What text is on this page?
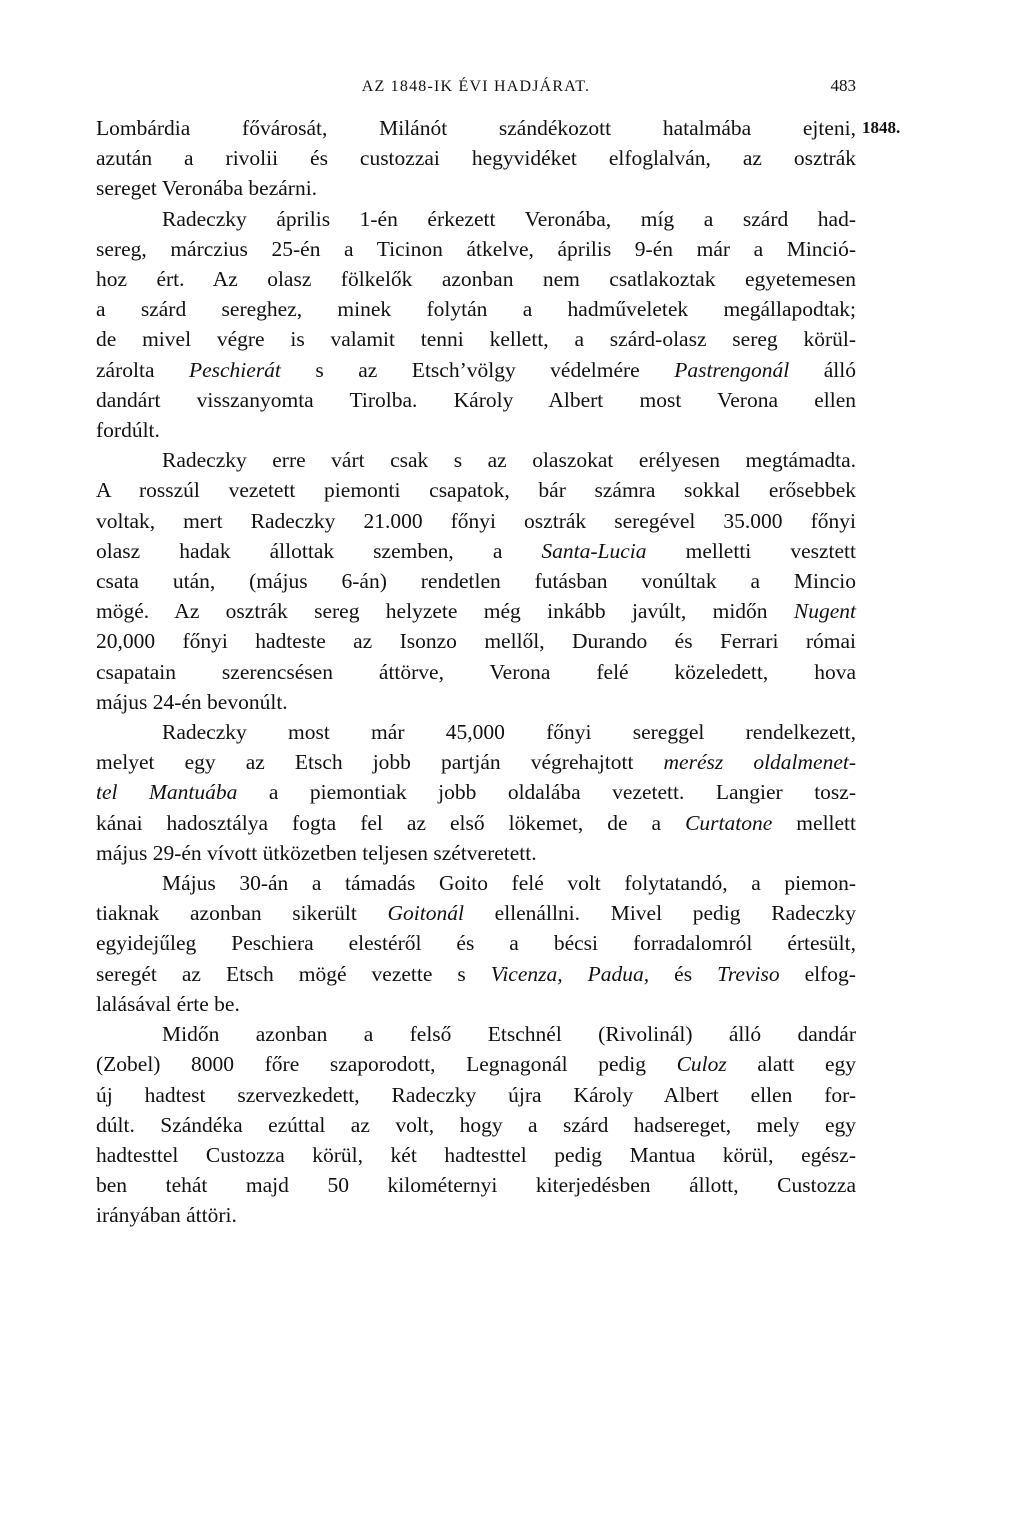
AZ 1848-IK ÉVI HADJÁRAT.	483
1848.
Lombárdia fővárosát, Milánót szándékozott hatalmába ejteni,
azután a rivolii és custozzai hegyvidéket elfoglalván, az osztrák
sereget Veronába bezárni.
Radeczky április 1-én érkezett Veronába, míg a szárd had-
sereg, márczius 25-én a Ticinon átkelve, április 9-én már a Minció-
hoz ért. Az olasz fölkelők azonban nem csatlakoztak egyetemesen
a szárd sereghez, minek folytán a hadműveletek megállapodtak;
de mivel végre is valamit tenni kellett, a szárd-olasz sereg körül-
zárolta Peschierát s az Etsch’völgy védelmére Pastrengonál álló
dandárt visszanyomta Tirolba. Károly Albert most Verona ellen
fordúlt.
Radeczky erre várt csak s az olaszokat erélyesen megtámadta.
A rosszúl vezetett piemonti csapatok, bár számra sokkal erősebbek
voltak, mert Radeczky 21.000 főnyi osztrák seregével 35.000 főnyi
olasz hadak állottak szemben, a Santa-Lucia melletti vesztett
csata után, (május 6-án) rendetlen futásban vonúltak a Mincio
mögé. Az osztrák sereg helyzete még inkább javúlt, midőn Nugent
20,000 főnyi hadteste az Isonzo mellől, Durando és Ferrari római
csapatain szerencsésen áttörve, Verona felé közeledett, hova
május 24-én bevonúlt.
Radeczky most már 45,000 főnyi sereggel rendelkezett,
melyet egy az Etsch jobb partján végrehajtott merész oldalmenet-
tel Mantuába a piemontiak jobb oldalába vezetett. Langier tosz-
kánai hadosztálya fogta fel az első lökemet, de a Curtatone mellett
május 29-én vívott ütközetben teljesen szétveretett.
Május 30-án a támadás Goito felé volt folytatandó, a piemon-
tiaknak azonban sikerült Goitonál ellenállni. Mivel pedig Radeczky
egyidejűleg Peschiera elestéről és a bécsi forradalomról értesült,
seregét az Etsch mögé vezette s Vicenza, Padua, és Treviso elfog-
lalásával érte be.
Midőn azonban a felső Etschnél (Rivolinál) álló dandár
(Zobel) 8000 főre szaporodott, Legnagonál pedig Culoz alatt egy
új hadtest szervezkedett, Radeczky újra Károly Albert ellen for-
dúlt. Szándéka ezúttal az volt, hogy a szárd hadsereget, mely egy
hadtesttel Custozza körül, két hadtesttel pedig Mantua körül, egész-
ben tehát majd 50 kilométernyi kiterjedésben állott, Custozza
irányában áttöri.
